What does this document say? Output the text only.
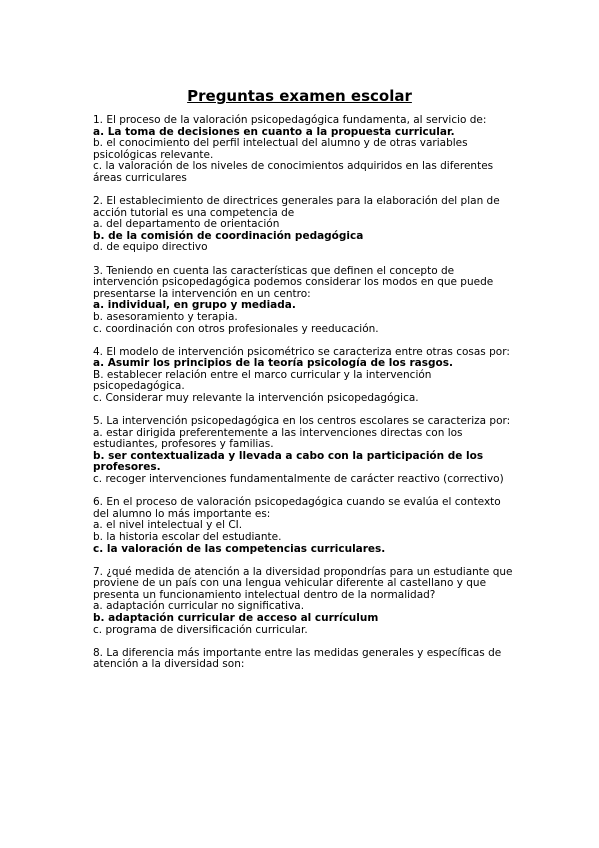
Preguntas examen escolar

1. El proceso de la valoración psicopedagógica fundamenta, al servicio de:

a. La toma de decisiones en cuanto a la propuesta curricular.

b. el conocimiento del perfil intelectual del alumno y de otras variables psicológicas relevante.

c. la valoración de los niveles de conocimientos adquiridos en las diferentes áreas curriculares

2. El establecimiento de directrices generales para la elaboración del plan de acción tutorial es una competencia de

a. del departamento de orientación

b. de la comisión de coordinación pedagógica

d. de equipo directivo

3. Teniendo en cuenta las características que definen el concepto de intervención psicopedagógica podemos considerar los modos en que puede presentarse la intervención en un centro:

a. individual, en grupo y mediada.

b. asesoramiento y terapia.

c. coordinación con otros profesionales y reeducación.

4. El modelo de intervención psicométrico se caracteriza entre otras cosas por:

a. Asumir los principios de la teoría psicología de los rasgos.

B. establecer relación entre el marco curricular y la intervención psicopedagógica.

c. Considerar muy relevante la intervención psicopedagógica.

5. La intervención psicopedagógica en los centros escolares se caracteriza por:

a. estar dirigida preferentemente a las intervenciones directas con los estudiantes, profesores y familias.

b. ser contextualizada y llevada a cabo con la participación de los profesores.

c. recoger intervenciones fundamentalmente de carácter reactivo (correctivo)

6. En el proceso de valoración psicopedagógica cuando se evalúa el contexto del alumno lo más importante es:

a. el nivel intelectual y el CI.

b. la historia escolar del estudiante.

c. la valoración de las competencias curriculares.

7. ¿qué medida de atención a la diversidad propondrías para un estudiante que proviene de un país con una lengua vehicular diferente al castellano y que presenta un funcionamiento intelectual dentro de la normalidad?

a. adaptación curricular no significativa.

b. adaptación curricular de acceso al currículum

c. programa de diversificación curricular.

8. La diferencia más importante entre las medidas generales y específicas de atención a la diversidad son:
